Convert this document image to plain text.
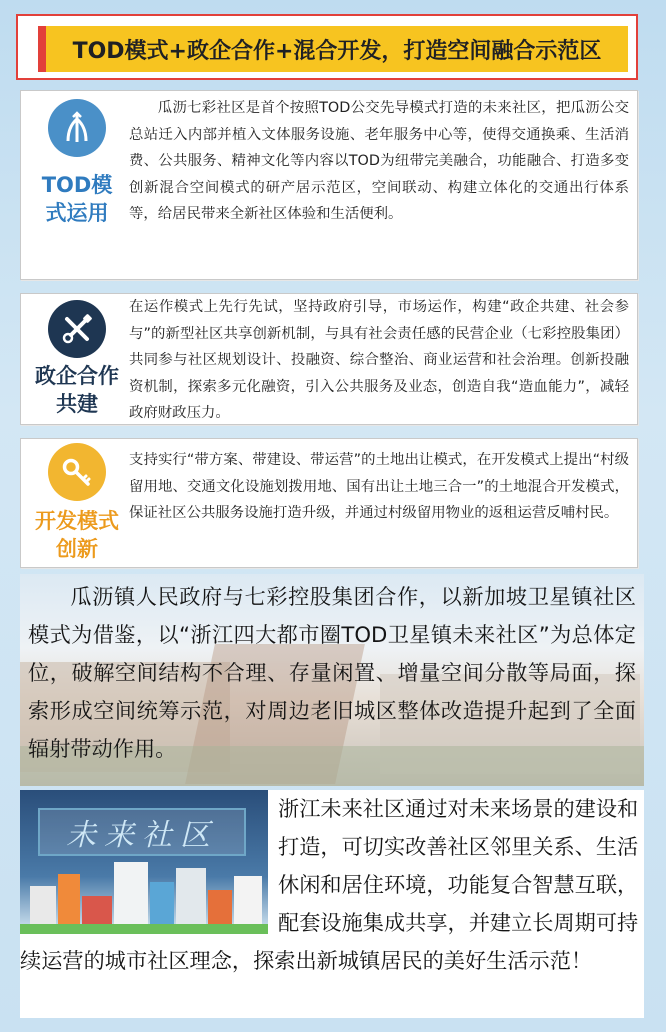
TOD模式+政企合作+混合开发，打造空间融合示范区
TOD模式运用
瓜沥七彩社区是首个按照TOD公交先导模式打造的未来社区，把瓜沥公交总站迁入内部并植入文体服务设施、老年服务中心等，使得交通换乘、生活消费、公共服务、精神文化等内容以TOD为纽带完美融合，功能融合、打造多变创新混合空间模式的研产居示范区，空间联动、构建立体化的交通出行体系等，给居民带来全新社区体验和生活便利。
政企合作共建
在运作模式上先行先试，坚持政府引导，市场运作，构建“政企共建、社会参与”的新型社区共享创新机制，与具有社会责任感的民营企业（七彩控股集团）共同参与社区规划设计、投融资、综合整治、商业运营和社会治理。创新投融资机制，探索多元化融资，引入公共服务及业态，创造自我“造血能力”，减轻政府财政压力。
开发模式创新
支持实行“带方案、带建设、带运营”的土地出让模式，在开发模式上提出“村级留用地、交通文化设施划拨用地、国有出让土地三合一”的土地混合开发模式，保证社区公共服务设施打造升级，并通过村级留用物业的返租运营反哺村民。
瓜沥镇人民政府与七彩控股集团合作，以新加坡卫星镇社区模式为借鉴，以“浙江四大都市圈TOD卫星镇未来社区”为总体定位，破解空间结构不合理、存量闲置、增量空间分散等局面，探索形成空间统筹示范，对周边老旧城区整体改造提升起到了全面辐射带动作用。
未来社区
浙江未来社区通过对未来场景的建设和打造，可切实改善社区邻里关系、生活休闲和居住环境，功能复合智慧互联，配套设施集成共享，并建立长周期可持续运营的城市社区理念，探索出新城镇居民的美好生活示范！
